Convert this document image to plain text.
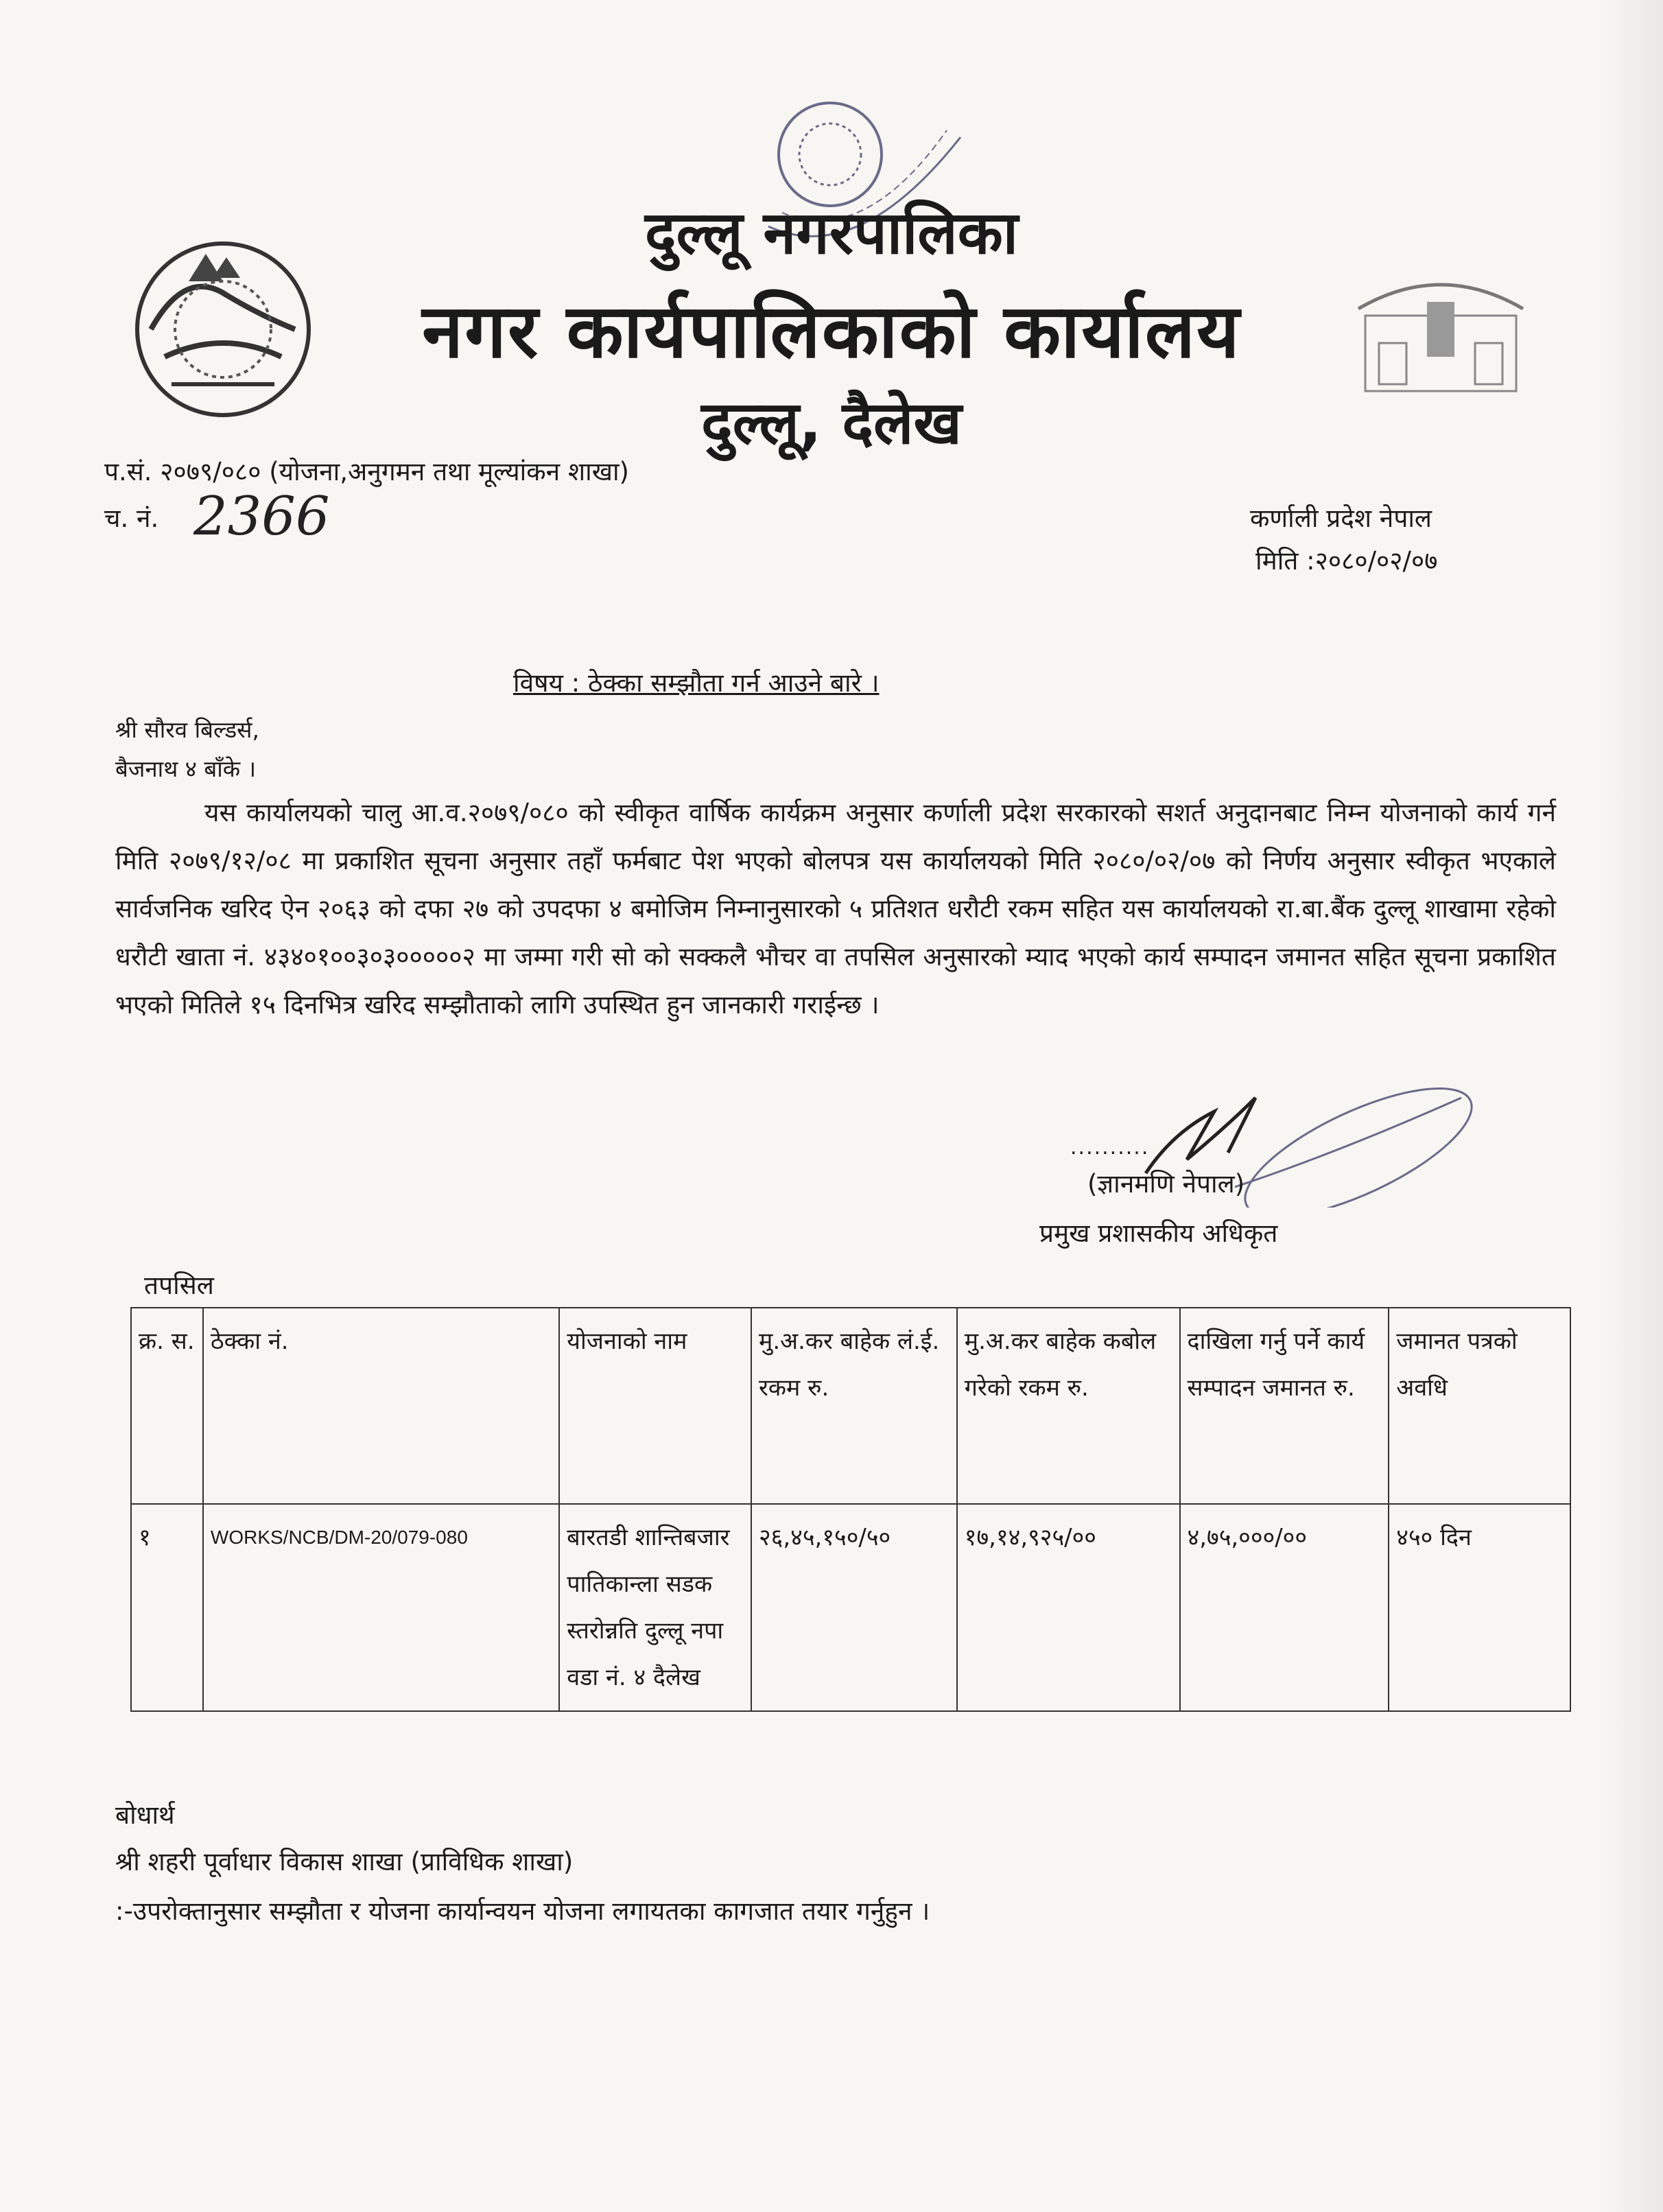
दुल्लू नगरपालिका
नगर कार्यपालिकाको कार्यालय
दुल्लू, दैलेख
प.सं. २०७९/०८० (योजना,अनुगमन तथा मूल्यांकन शाखा)
च. नं. 2366	कर्णाली प्रदेश नेपाल
मिति :२०८०/०२/०७
विषय : ठेक्का सम्झौता गर्न आउने बारे ।
श्री सौरव बिल्डर्स,
बैजनाथ ४ बाँके ।

यस कार्यालयको चालु आ.व.२०७९/०८० को स्वीकृत वार्षिक कार्यक्रम अनुसार कर्णाली प्रदेश सरकारको सशर्त अनुदानबाट निम्न योजनाको कार्य गर्न मिति २०७९/१२/०८ मा प्रकाशित सूचना अनुसार तहाँ फर्मबाट पेश भएको बोलपत्र यस कार्यालयको मिति २०८०/०२/०७ को निर्णय अनुसार स्वीकृत भएकाले सार्वजनिक खरिद ऐन २०६३ को दफा २७ को उपदफा ४ बमोजिम निम्नानुसारको ५ प्रतिशत धरौटी रकम सहित यस कार्यालयको रा.बा.बैंक दुल्लू शाखामा रहेको धरौटी खाता नं. ४३४०१००३०३०००००२ मा जम्मा गरी सो को सक्कलै भौचर वा तपसिल अनुसारको म्याद भएको कार्य सम्पादन जमानत सहित सूचना प्रकाशित भएको मितिले १५ दिनभित्र खरिद सम्झौताको लागि उपस्थित हुन जानकारी गराईन्छ ।

..........
(ज्ञानमणि नेपाल)
प्रमुख प्रशासकीय अधिकृत
तपसिल
क्र. स.	ठेक्का नं.	योजनाको नाम	मु.अ.कर बाहेक लं.ई. रकम रु.	मु.अ.कर बाहेक कबोल गरेको रकम रु.	दाखिला गर्नु पर्ने कार्य सम्पादन जमानत रु.	जमानत पत्रको अवधि
१	WORKS/NCB/DM-20/079-080	बारतडी शान्तिबजार पातिकान्ला सडक स्तरोन्नति दुल्लू नपा वडा नं. ४ दैलेख	२६,४५,१५०/५०	१७,१४,९२५/००	४,७५,०००/००	४५० दिन
बोधार्थ
श्री शहरी पूर्वाधार विकास शाखा (प्राविधिक शाखा)
:-उपरोक्तानुसार सम्झौता र योजना कार्यान्वयन योजना लगायतका कागजात तयार गर्नुहुन ।
